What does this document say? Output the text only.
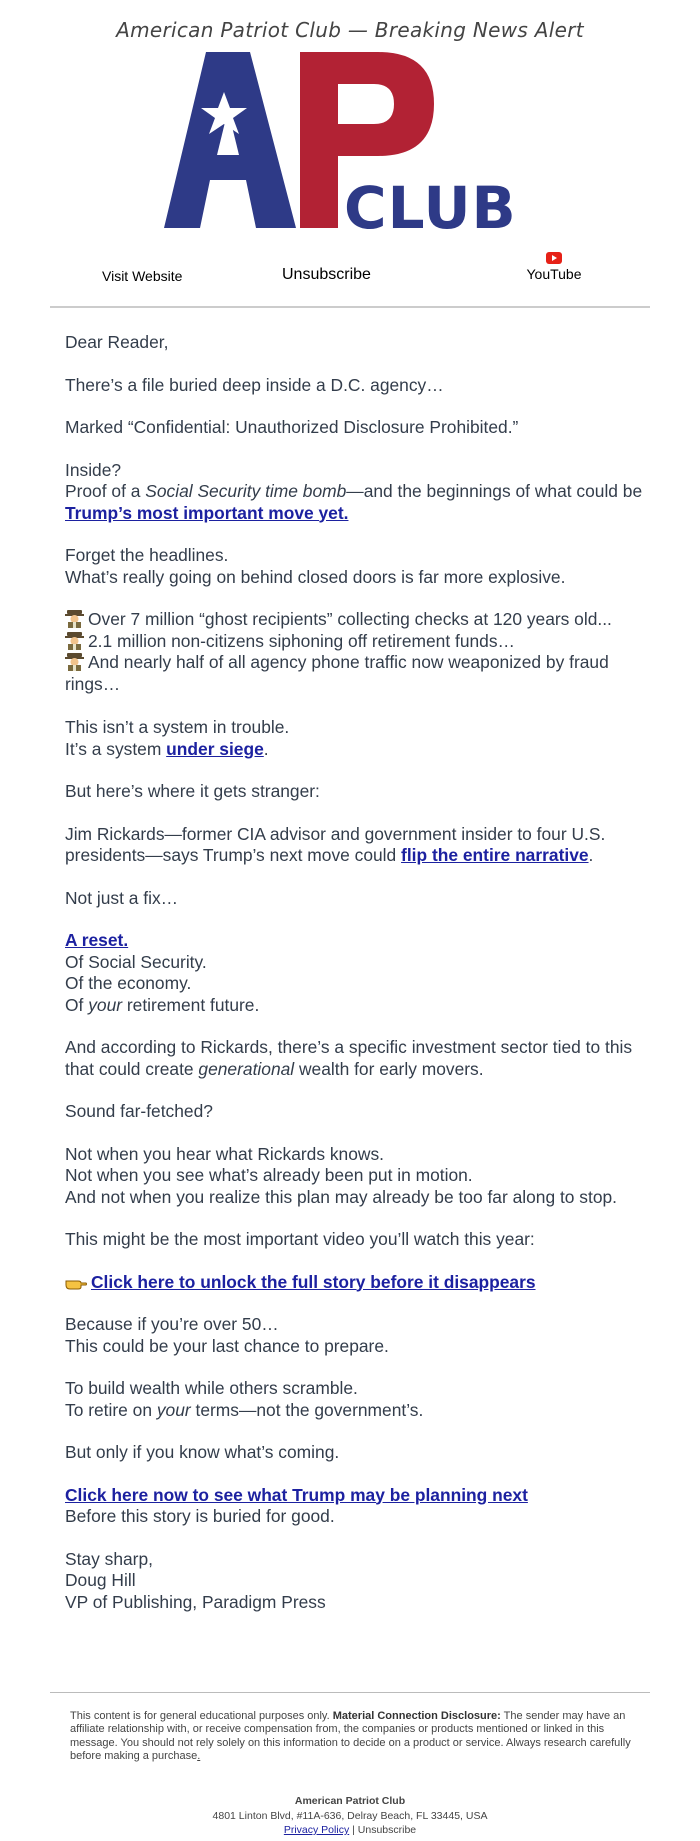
American Patriot Club — Breaking News Alert
CLUB
Visit Website	Unsubscribe	YouTube

Dear Reader,

There’s a file buried deep inside a D.C. agency…

Marked “Confidential: Unauthorized Disclosure Prohibited.”

Inside?
Proof of a Social Security time bomb—and the beginnings of what could be Trump’s most important move yet.

Forget the headlines.
What’s really going on behind closed doors is far more explosive.

Over 7 million “ghost recipients” collecting checks at 120 years old...
2.1 million non-citizens siphoning off retirement funds…
And nearly half of all agency phone traffic now weaponized by fraud rings…

This isn’t a system in trouble.
It’s a system under siege.

But here’s where it gets stranger:

Jim Rickards—former CIA advisor and government insider to four U.S. presidents—says Trump’s next move could flip the entire narrative.

Not just a fix…

A reset.
Of Social Security.
Of the economy.
Of your retirement future.

And according to Rickards, there’s a specific investment sector tied to this that could create generational wealth for early movers.

Sound far-fetched?

Not when you hear what Rickards knows.
Not when you see what’s already been put in motion.
And not when you realize this plan may already be too far along to stop.

This might be the most important video you’ll watch this year:

Click here to unlock the full story before it disappears

Because if you’re over 50…
This could be your last chance to prepare.

To build wealth while others scramble.
To retire on your terms—not the government’s.

But only if you know what’s coming.

Click here now to see what Trump may be planning next
Before this story is buried for good.

Stay sharp,
Doug Hill
VP of Publishing, Paradigm Press

This content is for general educational purposes only. Material Connection Disclosure: The sender may have an affiliate relationship with, or receive compensation from, the companies or products mentioned or linked in this message. You should not rely solely on this information to decide on a product or service. Always research carefully before making a purchase.
American Patriot Club
4801 Linton Blvd, #11A-636, Delray Beach, FL 33445, USA
Privacy Policy | Unsubscribe
